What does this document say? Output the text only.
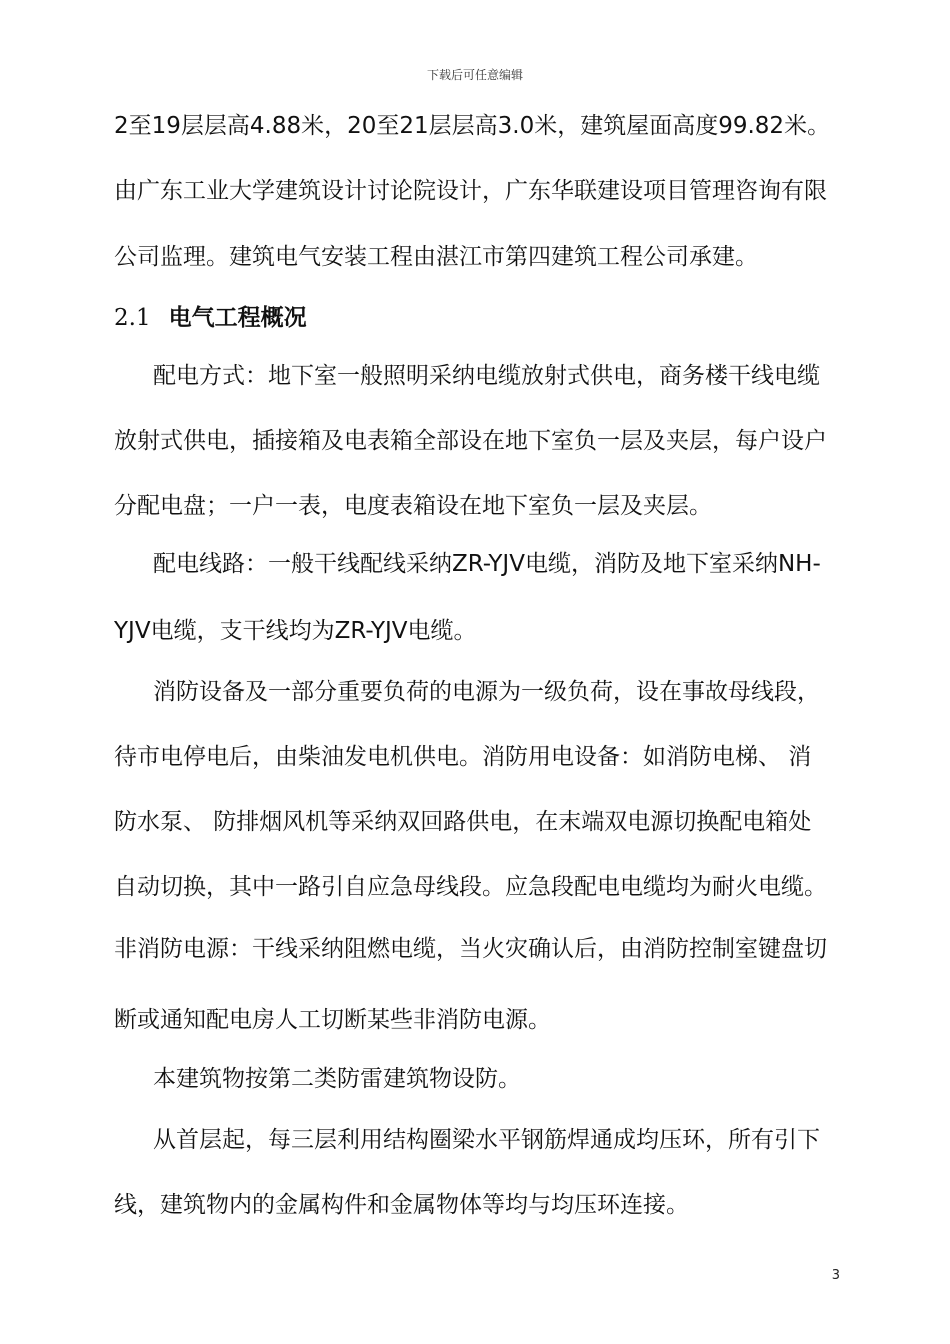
下载后可任意编辑
2至19层层高4.88米，20至21层层高3.0米，建筑屋面高度99.82米。
由广东工业大学建筑设计讨论院设计，广东华联建设项目管理咨询有限
公司监理。建筑电气安装工程由湛江市第四建筑工程公司承建。
2.1 电气工程概况
配电方式：地下室一般照明采纳电缆放射式供电，商务楼干线电缆
放射式供电，插接箱及电表箱全部设在地下室负一层及夹层，每户设户
分配电盘；一户一表，电度表箱设在地下室负一层及夹层。
配电线路：一般干线配线采纳ZR-YJV电缆，消防及地下室采纳NH-
YJV电缆，支干线均为ZR-YJV电缆。
消防设备及一部分重要负荷的电源为一级负荷，设在事故母线段，
待市电停电后，由柴油发电机供电。消防用电设备：如消防电梯、 消
防水泵、 防排烟风机等采纳双回路供电，在末端双电源切换配电箱处
自动切换，其中一路引自应急母线段。应急段配电电缆均为耐火电缆。
非消防电源：干线采纳阻燃电缆，当火灾确认后，由消防控制室键盘切
断或通知配电房人工切断某些非消防电源。
本建筑物按第二类防雷建筑物设防。
从首层起，每三层利用结构圈梁水平钢筋焊通成均压环，所有引下
线，建筑物内的金属构件和金属物体等均与均压环连接。
3
